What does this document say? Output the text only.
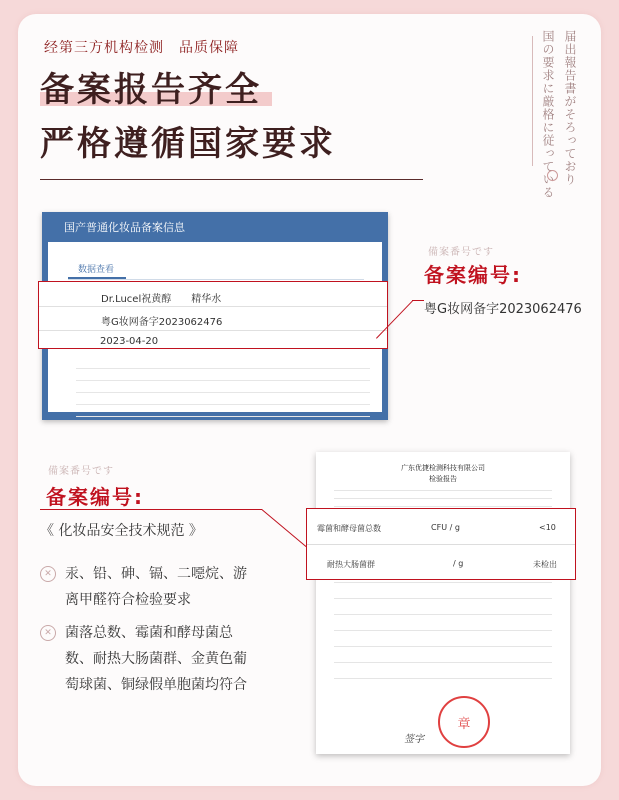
届出報告書がそろっており
国の要求に厳格に従っている
经第三方机构检测　品质保障
备案报告齐全
严格遵循国家要求
国产普通化妆品备案信息
数据查看
Dr.Lucel祝黄醇　　精华水
粤G妆网备字2023062476
2023-04-20
備案番号です
备案编号:
粤G妆网备字2023062476
广东优捷检测科技有限公司
检验报告
签字
章
霉菌和酵母菌总数	CFU / g	<10
耐热大肠菌群	/ g	未检出
備案番号です
备案编号:
《 化妆品安全技术规范 》
✕ 汞、铅、砷、镉、二噁烷、游离甲醛符合检验要求
✕ 菌落总数、霉菌和酵母菌总数、耐热大肠菌群、金黄色葡萄球菌、铜绿假单胞菌均符合
